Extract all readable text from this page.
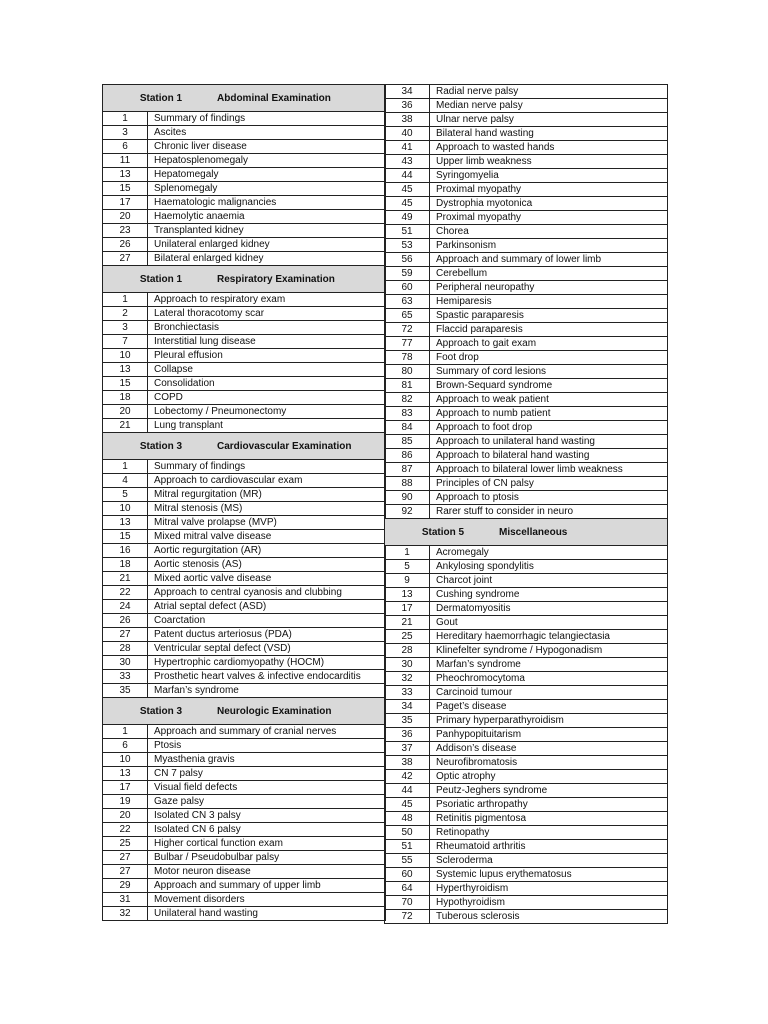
Station 1	Abdominal Examination
1	Summary of findings
3	Ascites
6	Chronic liver disease
11	Hepatosplenomegaly
13	Hepatomegaly
15	Splenomegaly
17	Haematologic malignancies
20	Haemolytic anaemia
23	Transplanted kidney
26	Unilateral enlarged kidney
27	Bilateral enlarged kidney
Station 1	Respiratory Examination
1	Approach to respiratory exam
2	Lateral thoracotomy scar
3	Bronchiectasis
7	Interstitial lung disease
10	Pleural effusion
13	Collapse
15	Consolidation
18	COPD
20	Lobectomy / Pneumonectomy
21	Lung transplant
Station 3	Cardiovascular Examination
1	Summary of findings
4	Approach to cardiovascular exam
5	Mitral regurgitation (MR)
10	Mitral stenosis (MS)
13	Mitral valve prolapse (MVP)
15	Mixed mitral valve disease
16	Aortic regurgitation (AR)
18	Aortic stenosis (AS)
21	Mixed aortic valve disease
22	Approach to central cyanosis and clubbing
24	Atrial septal defect (ASD)
26	Coarctation
27	Patent ductus arteriosus (PDA)
28	Ventricular septal defect (VSD)
30	Hypertrophic cardiomyopathy (HOCM)
33	Prosthetic heart valves & infective endocarditis
35	Marfan’s syndrome
Station 3	Neurologic Examination
1	Approach and summary of cranial nerves
6	Ptosis
10	Myasthenia gravis
13	CN 7 palsy
17	Visual field defects
19	Gaze palsy
20	Isolated CN 3 palsy
22	Isolated CN 6 palsy
25	Higher cortical function exam
27	Bulbar / Pseudobulbar palsy
27	Motor neuron disease
29	Approach and summary of upper limb
31	Movement disorders
32	Unilateral hand wasting
34	Radial nerve palsy
36	Median nerve palsy
38	Ulnar nerve palsy
40	Bilateral hand wasting
41	Approach to wasted hands
43	Upper limb weakness
44	Syringomyelia
45	Proximal myopathy
45	Dystrophia myotonica
49	Proximal myopathy
51	Chorea
53	Parkinsonism
56	Approach and summary of lower limb
59	Cerebellum
60	Peripheral neuropathy
63	Hemiparesis
65	Spastic paraparesis
72	Flaccid paraparesis
77	Approach to gait exam
78	Foot drop
80	Summary of cord lesions
81	Brown-Sequard syndrome
82	Approach to weak patient
83	Approach to numb patient
84	Approach to foot drop
85	Approach to unilateral hand wasting
86	Approach to bilateral hand wasting
87	Approach to bilateral lower limb weakness
88	Principles of CN palsy
90	Approach to ptosis
92	Rarer stuff to consider in neuro
Station 5	Miscellaneous
1	Acromegaly
5	Ankylosing spondylitis
9	Charcot joint
13	Cushing syndrome
17	Dermatomyositis
21	Gout
25	Hereditary haemorrhagic telangiectasia
28	Klinefelter syndrome / Hypogonadism
30	Marfan’s syndrome
32	Pheochromocytoma
33	Carcinoid tumour
34	Paget’s disease
35	Primary hyperparathyroidism
36	Panhypopituitarism
37	Addison’s disease
38	Neurofibromatosis
42	Optic atrophy
44	Peutz-Jeghers syndrome
45	Psoriatic arthropathy
48	Retinitis pigmentosa
50	Retinopathy
51	Rheumatoid arthritis
55	Scleroderma
60	Systemic lupus erythematosus
64	Hyperthyroidism
70	Hypothyroidism
72	Tuberous sclerosis
